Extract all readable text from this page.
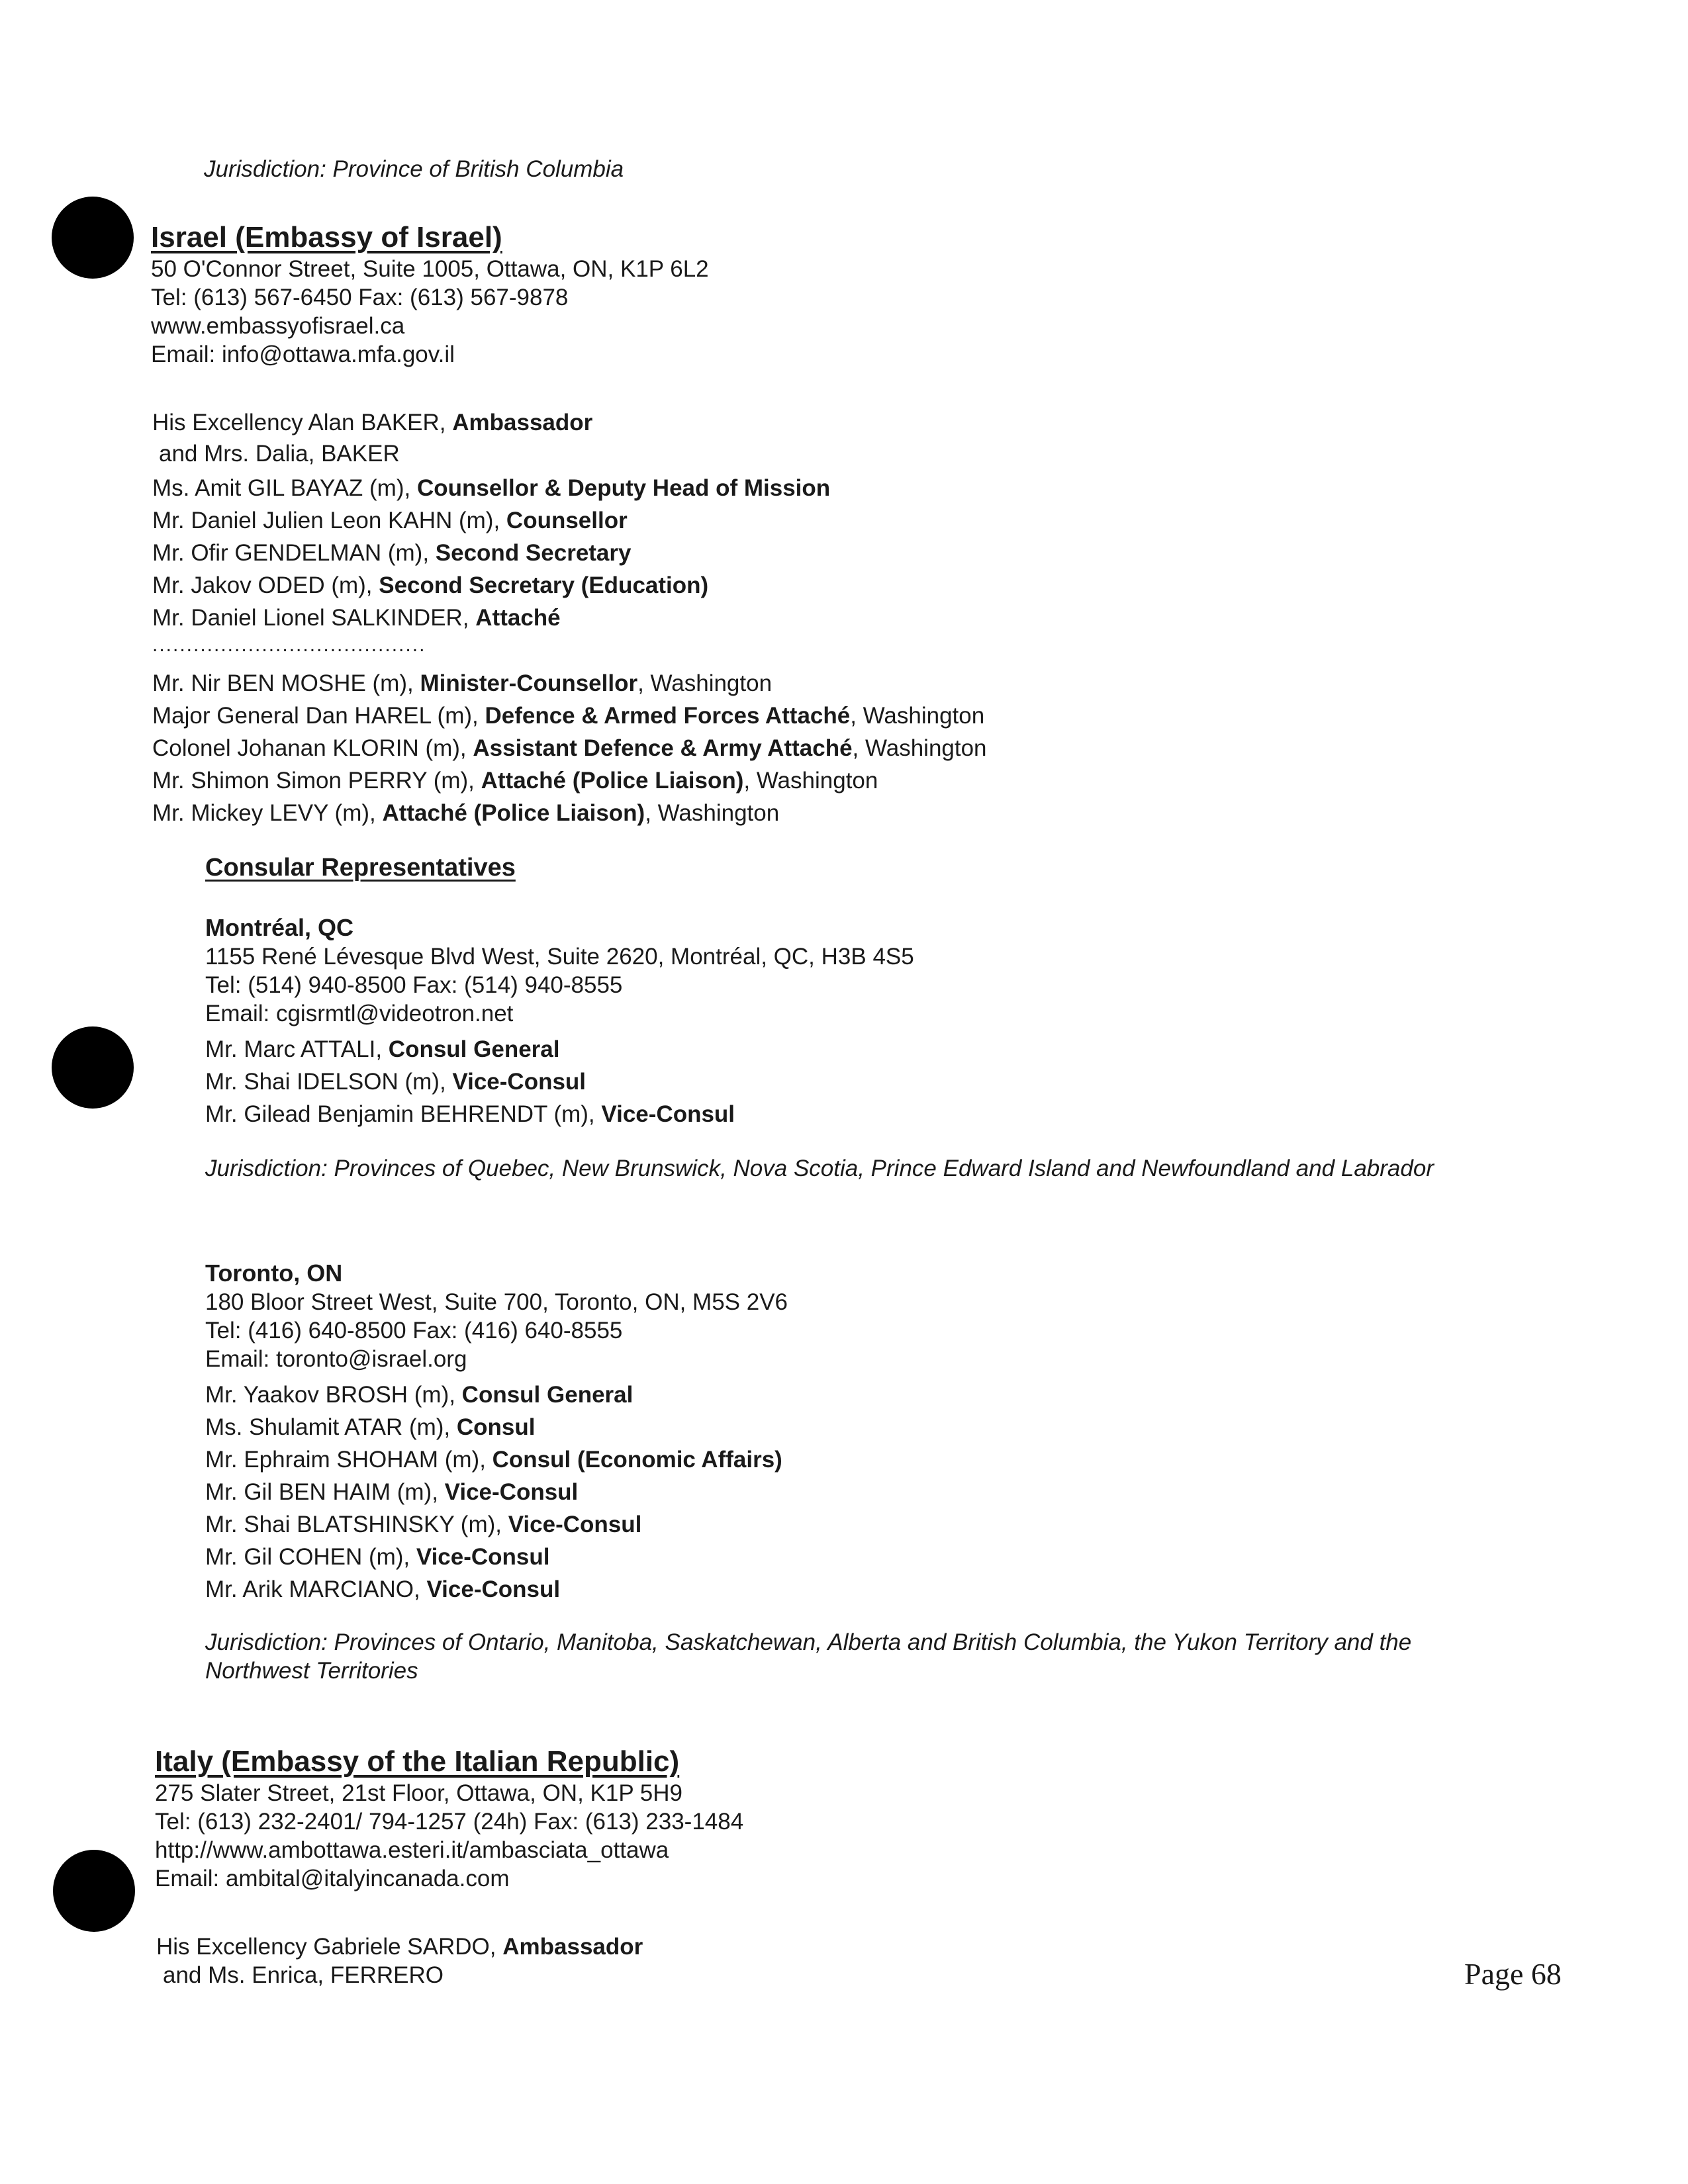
Jurisdiction: Province of British Columbia
Israel (Embassy of Israel)
50 O'Connor Street, Suite 1005, Ottawa, ON, K1P 6L2
Tel: (613) 567-6450 Fax: (613) 567-9878
www.embassyofisrael.ca
Email: info@ottawa.mfa.gov.il
His Excellency Alan BAKER, Ambassador
and Mrs. Dalia, BAKER
Ms. Amit GIL BAYAZ (m), Counsellor & Deputy Head of Mission
Mr. Daniel Julien Leon KAHN (m), Counsellor
Mr. Ofir GENDELMAN (m), Second Secretary
Mr. Jakov ODED (m), Second Secretary (Education)
Mr. Daniel Lionel SALKINDER, Attaché
........................................
Mr. Nir BEN MOSHE (m), Minister-Counsellor, Washington
Major General Dan HAREL (m), Defence & Armed Forces Attaché, Washington
Colonel Johanan KLORIN (m), Assistant Defence & Army Attaché, Washington
Mr. Shimon Simon PERRY (m), Attaché (Police Liaison), Washington
Mr. Mickey LEVY (m), Attaché (Police Liaison), Washington
Consular Representatives
Montréal, QC
1155 René Lévesque Blvd West, Suite 2620, Montréal, QC, H3B 4S5
Tel: (514) 940-8500 Fax: (514) 940-8555
Email: cgisrmtl@videotron.net
Mr. Marc ATTALI, Consul General
Mr. Shai IDELSON (m), Vice-Consul
Mr. Gilead Benjamin BEHRENDT (m), Vice-Consul
Jurisdiction: Provinces of Quebec, New Brunswick, Nova Scotia, Prince Edward Island and Newfoundland and Labrador
Toronto, ON
180 Bloor Street West, Suite 700, Toronto, ON, M5S 2V6
Tel: (416) 640-8500 Fax: (416) 640-8555
Email: toronto@israel.org
Mr. Yaakov BROSH (m), Consul General
Ms. Shulamit ATAR (m), Consul
Mr. Ephraim SHOHAM (m), Consul (Economic Affairs)
Mr. Gil BEN HAIM (m), Vice-Consul
Mr. Shai BLATSHINSKY (m), Vice-Consul
Mr. Gil COHEN (m), Vice-Consul
Mr. Arik MARCIANO, Vice-Consul
Jurisdiction: Provinces of Ontario, Manitoba, Saskatchewan, Alberta and British Columbia, the Yukon Territory and the
Northwest Territories
Italy (Embassy of the Italian Republic)
275 Slater Street, 21st Floor, Ottawa, ON, K1P 5H9
Tel: (613) 232-2401/ 794-1257 (24h) Fax: (613) 233-1484
http://www.ambottawa.esteri.it/ambasciata_ottawa
Email: ambital@italyincanada.com
His Excellency Gabriele SARDO, Ambassador
and Ms. Enrica, FERRERO	Page 68
